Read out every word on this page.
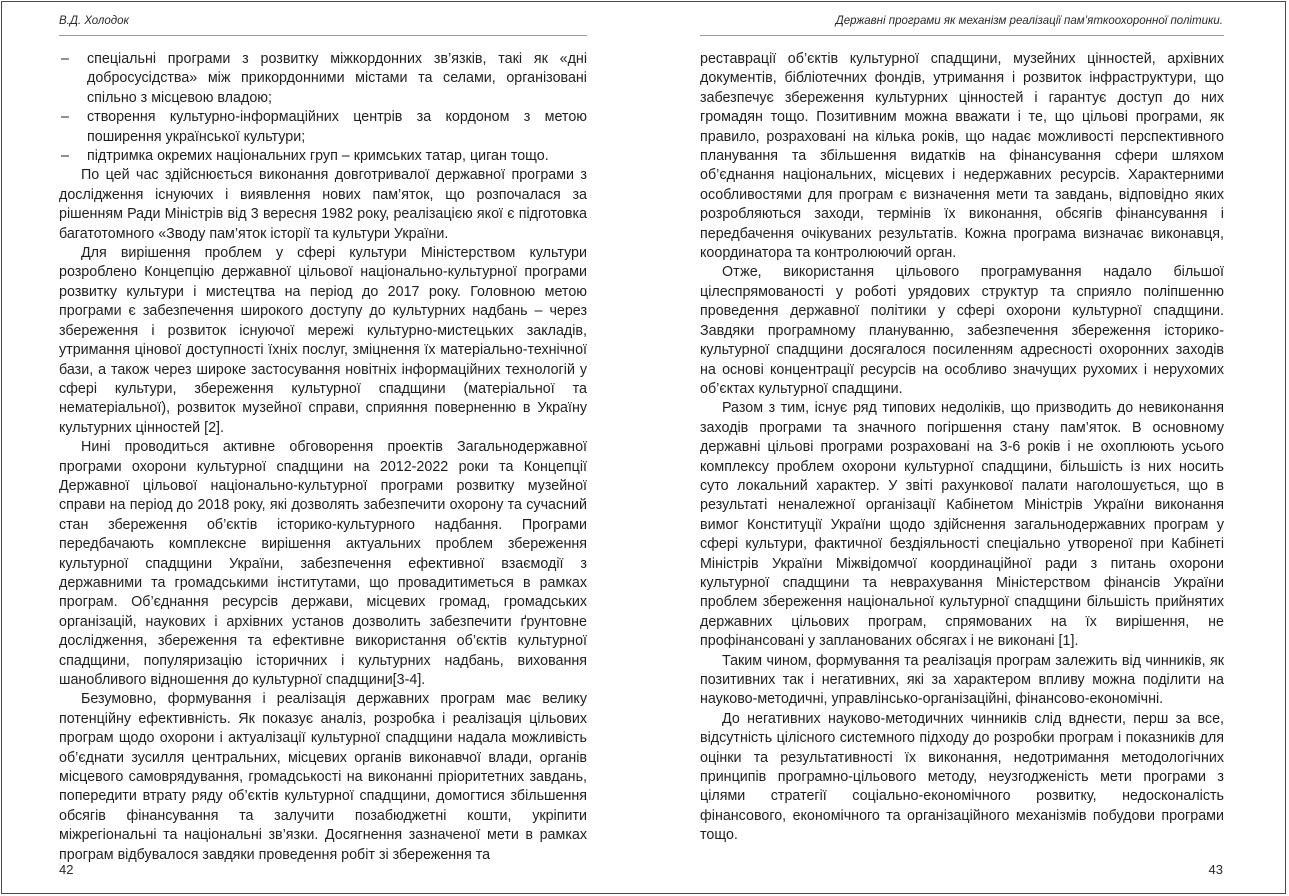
В.Д. Холодок
– спеціальні програми з розвитку міжкордонних зв’язків, такі як «дні добросусідства» між прикордонними містами та селами, організовані спільно з місцевою владою;
– створення культурно-інформаційних центрів за кордоном з метою поширення української культури;
– підтримка окремих національних груп – кримських татар, циган тощо.

По цей час здійснюється виконання довготривалої державної програми з дослідження існуючих і виявлення нових пам’яток, що розпочалася за рішенням Ради Міністрів від 3 вересня 1982 року, реалізацією якої є підготовка багатотомного «Зводу пам’яток історії та культури України.

Для вирішення проблем у сфері культури Міністерством культури розроблено Концепцію державної цільової національно-культурної програми розвитку культури і мистецтва на період до 2017 року. Головною метою програми є забезпечення широкого доступу до культурних надбань – через збереження і розвиток існуючої мережі культурно-мистецьких закладів, утримання цінової доступності їхніх послуг, зміцнення їх матеріально-технічної бази, а також через широке застосування новітніх інформаційних технологій у сфері культури, збереження культурної спадщини (матеріальної та нематеріальної), розвиток музейної справи, сприяння поверненню в Україну культурних цінностей [2].

Нині проводиться активне обговорення проектів Загальнодержавної програми охорони культурної спадщини на 2012-2022 роки та Концепції Державної цільової національно-культурної програми розвитку музейної справи на період до 2018 року, які дозволять забезпечити охорону та сучасний стан збереження об’єктів історико-культурного надбання. Програми передбачають комплексне вирішення актуальних проблем збереження культурної спадщини України, забезпечення ефективної взаємодії з державними та громадськими інститутами, що провадитиметься в рамках програм. Об’єднання ресурсів держави, місцевих громад, громадських організацій, наукових і архівних установ дозволить забезпечити ґрунтовне дослідження, збереження та ефективне використання об’єктів культурної спадщини, популяризацію історичних і культурних надбань, виховання шанобливого відношення до культурної спадщини[3-4].

Безумовно, формування і реалізація державних програм має велику потенційну ефективність. Як показує аналіз, розробка і реалізація цільових програм щодо охорони і актуалізації культурної спадщини надала можливість об’єднати зусилля центральних, місцевих органів виконавчої влади, органів місцевого самоврядування, громадськості на виконанні пріоритетних завдань, попередити втрату ряду об’єктів культурної спадщини, домогтися збільшення обсягів фінансування та залучити позабюджетні кошти, укріпити міжрегіональні та національні зв’язки. Досягнення зазначеної мети в рамках програм відбувалося завдяки проведення робіт зі збереження та

42
Державні програми як механізм реалізації пам’яткоохоронної політики.

реставрації об’єктів культурної спадщини, музейних цінностей, архівних документів, бібліотечних фондів, утримання і розвиток інфраструктури, що забезпечує збереження культурних цінностей і гарантує доступ до них громадян тощо. Позитивним можна вважати і те, що цільові програми, як правило, розраховані на кілька років, що надає можливості перспективного планування та збільшення видатків на фінансування сфери шляхом об’єднання національних, місцевих і недержавних ресурсів. Характерними особливостями для програм є визначення мети та завдань, відповідно яких розробляються заходи, термінів їх виконання, обсягів фінансування і передбачення очікуваних результатів. Кожна програма визначає виконавця, координатора та контролюючий орган.

Отже, використання цільового програмування надало більшої цілеспрямованості у роботі урядових структур та сприяло поліпшенню проведення державної політики у сфері охорони культурної спадщини. Завдяки програмному плануванню, забезпечення збереження історико-культурної спадщини досягалося посиленням адресності охоронних заходів на основі концентрації ресурсів на особливо значущих рухомих і нерухомих об’єктах культурної спадщини.

Разом з тим, існує ряд типових недоліків, що призводить до невиконання заходів програми та значного погіршення стану пам’яток. В основному державні цільові програми розраховані на 3-6 років і не охоплюють усього комплексу проблем охорони культурної спадщини, більшість із них носить суто локальний характер. У звіті рахункової палати наголошується, що в результаті неналежної організації Кабінетом Міністрів України виконання вимог Конституції України щодо здійснення загальнодержавних програм у сфері культури, фактичної бездіяльності спеціально утвореної при Кабінеті Міністрів України Міжвідомчої координаційної ради з питань охорони культурної спадщини та неврахування Міністерством фінансів України проблем збереження національної культурної спадщини більшість прийнятих державних цільових програм, спрямованих на їх вирішення, не профінансовані у запланованих обсягах і не виконані [1].

Таким чином, формування та реалізація програм залежить від чинників, як позитивних так і негативних, які за характером впливу можна поділити на науково-методичні, управлінсько-організаційні, фінансово-економічні.

До негативних науково-методичних чинників слід вднести, перш за все, відсутність цілісного системного підходу до розробки програм і показників для оцінки та результативності їх виконання, недотримання методологічних принципів програмно-цільового методу, неузгодженість мети програми з цілями стратегії соціально-економічного розвитку, недосконалість фінансового, економічного та організаційного механізмів побудови програми тощо.

43
